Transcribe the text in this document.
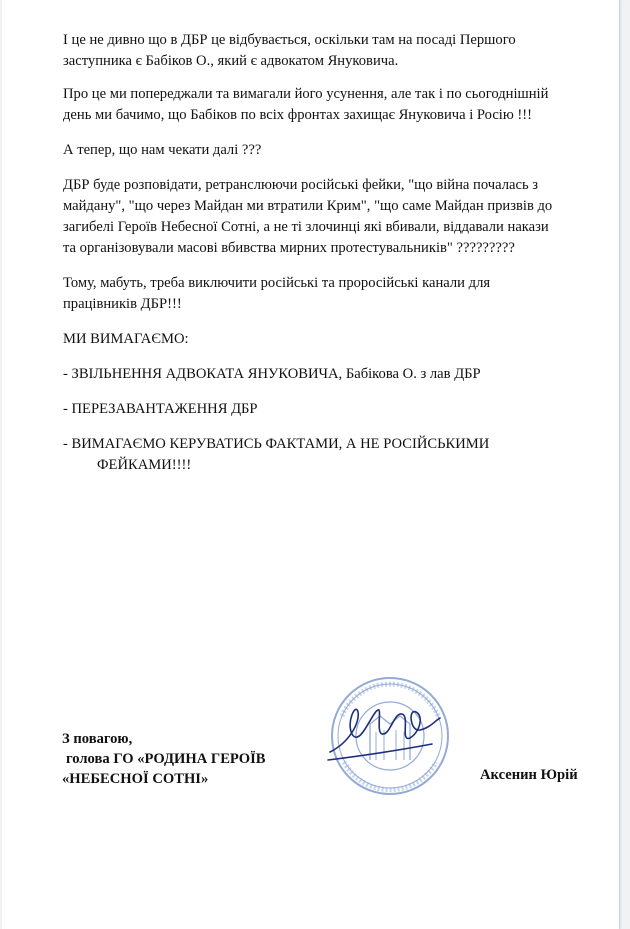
І це не дивно що в ДБР це відбувається, оскільки там на посаді Першого
заступника є Бабіков О., який є адвокатом Януковича.

Про це ми попереджали та вимагали його усунення, але так і по сьогоднішній
день ми бачимо, що Бабіков по всіх фронтах захищає Януковича і Росію !!!

А тепер, що нам чекати далі ???

ДБР буде розповідати, ретранслюючи російські фейки, "що війна почалась з
майдану", "що через Майдан ми втратили Крим", "що саме Майдан призвів до
загибелі Героїв Небесної Сотні, а не ті злочинці які вбивали, віддавали накази
та організовували масові вбивства мирних протестувальників" ?????????

Тому, мабуть, треба виключити російські та проросійські канали для
працівників ДБР!!!

МИ ВИМАГАЄМО:

- ЗВІЛЬНЕННЯ АДВОКАТА ЯНУКОВИЧА, Бабікова О. з лав ДБР

- ПЕРЕЗАВАНТАЖЕННЯ ДБР

- ВИМАГАЄМО КЕРУВАТИСЬ ФАКТАМИ, А НЕ РОСІЙСЬКИМИ
ФЕЙКАМИ!!!!

З повагою,
голова ГО «РОДИНА ГЕРОЇВ
«НЕБЕСНОЇ СОТНІ»	Аксенин Юрій
